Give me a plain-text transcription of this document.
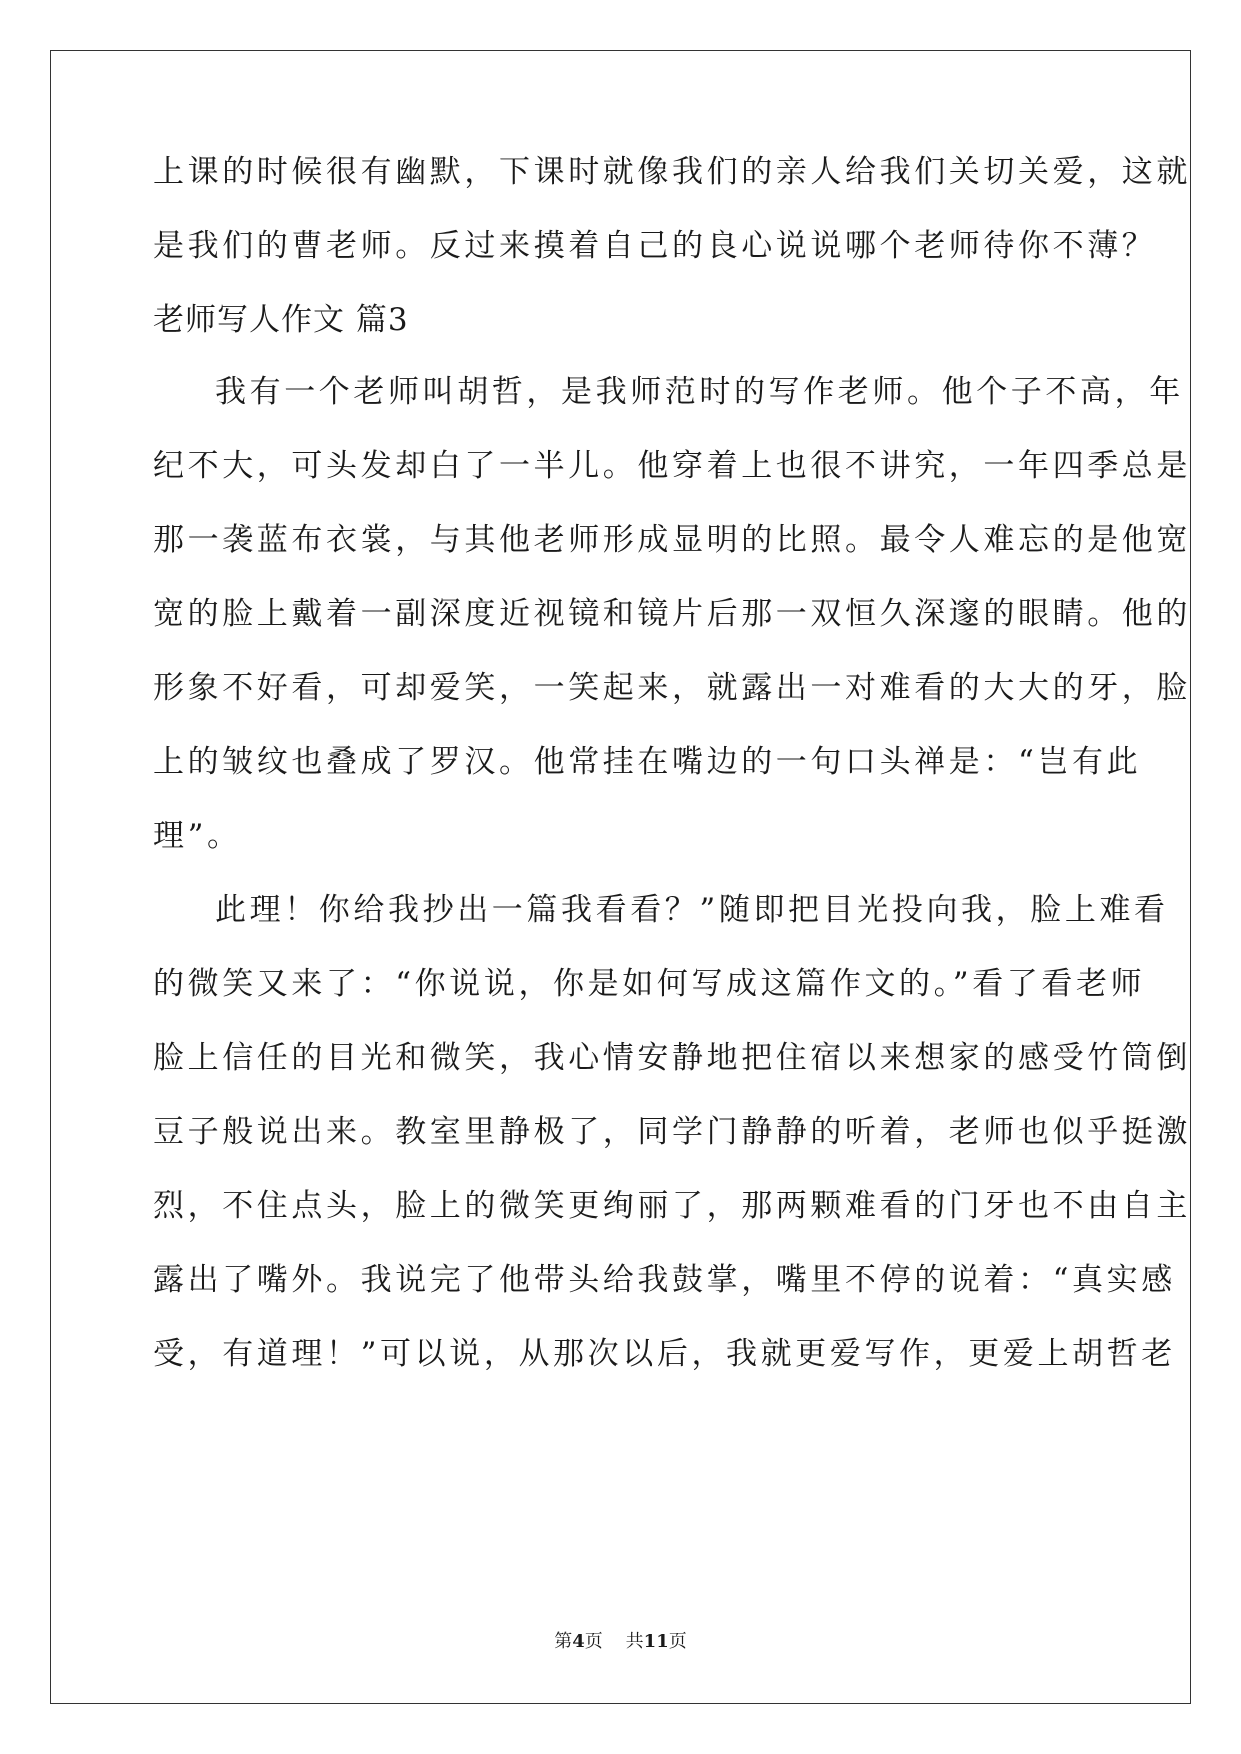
上课的时候很有幽默，下课时就像我们的亲人给我们关切关爱，这就
是我们的曹老师。反过来摸着自己的良心说说哪个老师待你不薄？
老师写人作文 篇3
我有一个老师叫胡哲，是我师范时的写作老师。他个子不高，年
纪不大，可头发却白了一半儿。他穿着上也很不讲究，一年四季总是
那一袭蓝布衣裳，与其他老师形成显明的比照。最令人难忘的是他宽
宽的脸上戴着一副深度近视镜和镜片后那一双恒久深邃的眼睛。他的
形象不好看，可却爱笑，一笑起来，就露出一对难看的大大的牙，脸
上的皱纹也叠成了罗汉。他常挂在嘴边的一句口头禅是：“岂有此
理”。
此理！你给我抄出一篇我看看？”随即把目光投向我，脸上难看
的微笑又来了：“你说说，你是如何写成这篇作文的。”看了看老师
脸上信任的目光和微笑，我心情安静地把住宿以来想家的感受竹筒倒
豆子般说出来。教室里静极了，同学门静静的听着，老师也似乎挺激
烈，不住点头，脸上的微笑更绚丽了，那两颗难看的门牙也不由自主
露出了嘴外。我说完了他带头给我鼓掌，嘴里不停的说着：“真实感
受，有道理！”可以说，从那次以后，我就更爱写作，更爱上胡哲老
第4页 共11页
